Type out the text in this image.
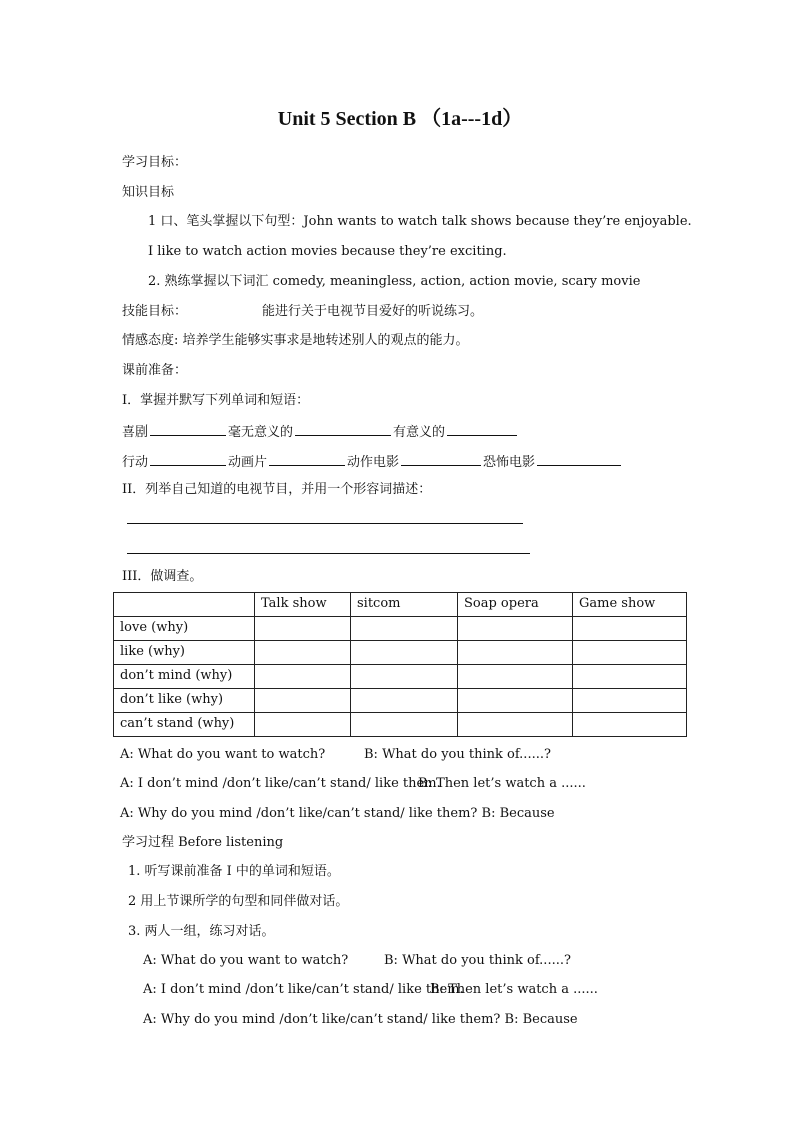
Unit 5 Section B （1a---1d）
学习目标：
知识目标
1 口、笔头掌握以下句型：John wants to watch talk shows because they’re enjoyable.
I like to watch action movies because they’re exciting.
2. 熟练掌握以下词汇 comedy, meaningless, action, action movie, scary movie
技能目标：	能进行关于电视节目爱好的听说练习。
情感态度: 培养学生能够实事求是地转述别人的观点的能力。
课前准备：
I．掌握并默写下列单词和短语：
喜剧	毫无意义的	有意义的
行动	动画片	动作电影	恐怖电影
II．列举自己知道的电视节目，并用一个形容词描述：
III．做调查。
	Talk show	sitcom	Soap opera	Game show
love (why)				
like (why)				
don’t mind (why)				
don’t like (why)				
can’t stand (why)				
A: What do you want to watch?	B: What do you think of......?
A: I don’t mind /don’t like/can’t stand/ like them.
B: Then let’s watch a ......
A: Why do you mind /don’t like/can’t stand/ like them? B: Because
学习过程 Before listening
1. 听写课前准备 I 中的单词和短语。
2 用上节课所学的句型和同伴做对话。
3. 两人一组，练习对话。
A: What do you want to watch?	B: What do you think of......?
A: I don’t mind /don’t like/can’t stand/ like them.
B: Then let’s watch a ......
A: Why do you mind /don’t like/can’t stand/ like them? B: Because
